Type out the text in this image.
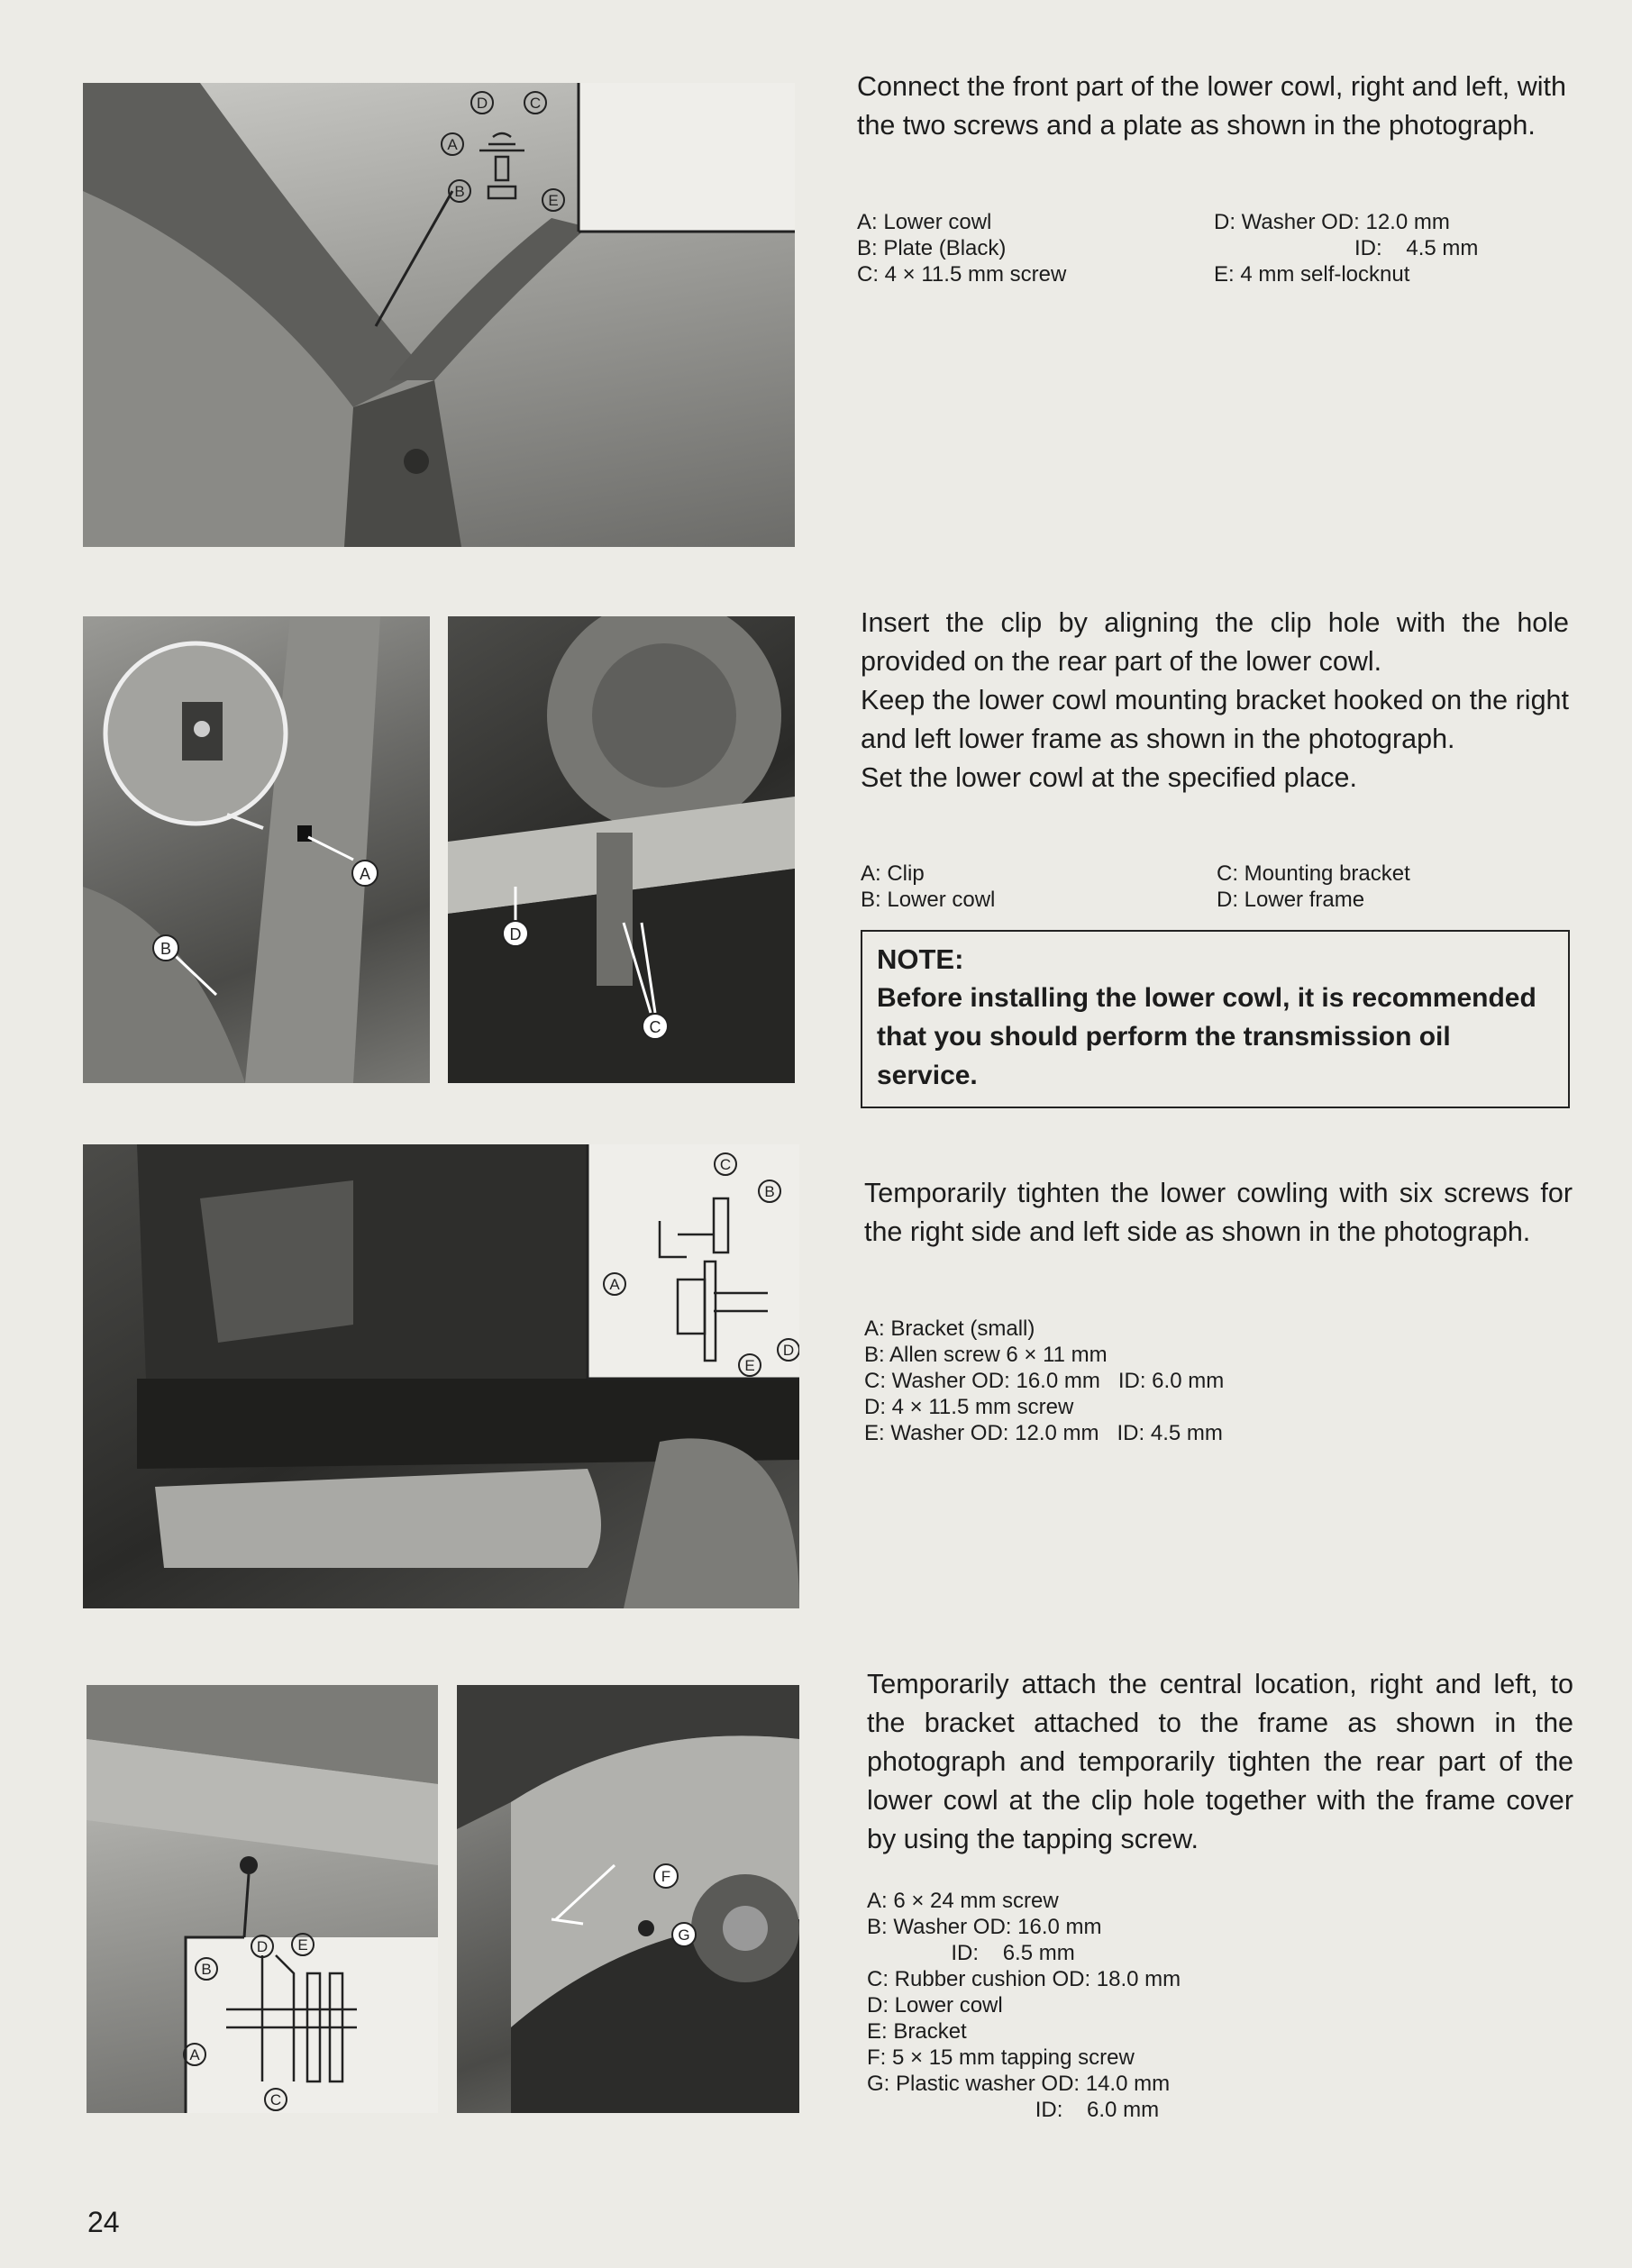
D	C
A
B
E

Connect the front part of the lower cowl, right and left, with the two screws and a plate as shown in the photograph.

A: Lower cowl
B: Plate (Black)
C: 4 × 11.5 mm screw
D: Washer OD: 12.0 mm
ID:    4.5 mm
E: 4 mm self-locknut
A
B
D
C

Insert the clip by aligning the clip hole with the hole provided on the rear part of the lower cowl.
Keep the lower cowl mounting bracket hooked on the right and left lower frame as shown in the photograph.
Set the lower cowl at the specified place.

A: Clip
B: Lower cowl
C: Mounting bracket
D: Lower frame
NOTE:
Before installing the lower cowl, it is recommended that you should perform the transmission oil service.
C
B
A
E
D

Temporarily tighten the lower cowling with six screws for the right side and left side as shown in the photograph.

A: Bracket (small)
B: Allen screw 6 × 11 mm
C: Washer OD: 16.0 mm   ID: 6.0 mm
D: 4 × 11.5 mm screw
E: Washer OD: 12.0 mm   ID: 4.5 mm
B
D E
A
C
F
G

Temporarily attach the central location, right and left, to the bracket attached to the frame as shown in the photograph and temporarily tighten the rear part of the lower cowl at the clip hole together with the frame cover by using the tapping screw.

A: 6 × 24 mm screw
B: Washer OD: 16.0 mm
ID:    6.5 mm
C: Rubber cushion OD: 18.0 mm
D: Lower cowl
E: Bracket
F: 5 × 15 mm tapping screw
G: Plastic washer OD: 14.0 mm
ID:    6.0 mm
24
